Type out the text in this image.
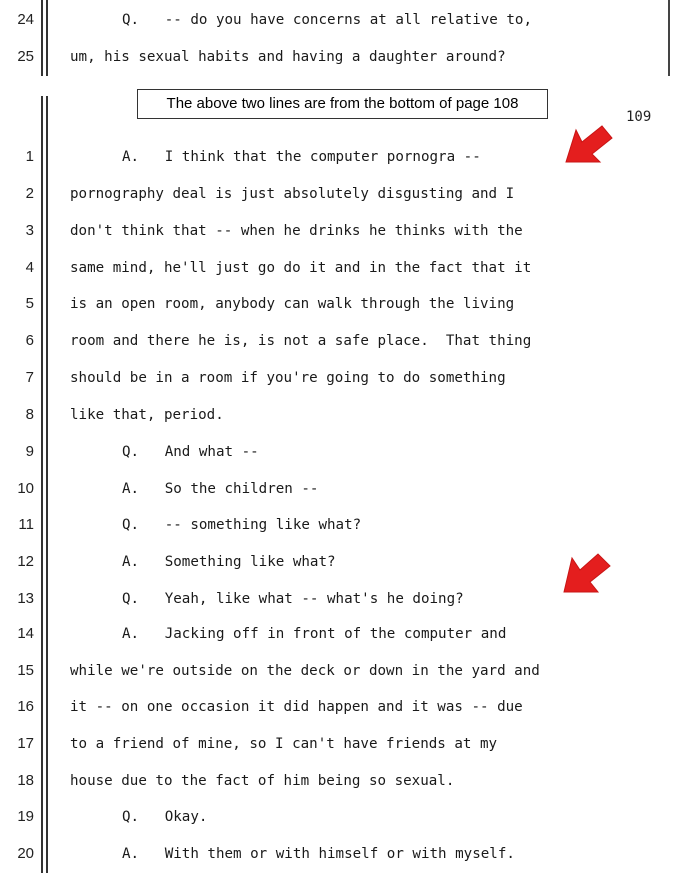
24	Q.   -- do you have concerns at all relative to,
25	um, his sexual habits and having a daughter around?
The above two lines are from the bottom of page 108
109
1	A.   I think that the computer pornogra --
2	pornography deal is just absolutely disgusting and I
3	don't think that -- when he drinks he thinks with the
4	same mind, he'll just go do it and in the fact that it
5	is an open room, anybody can walk through the living
6	room and there he is, is not a safe place.  That thing
7	should be in a room if you're going to do something
8	like that, period.
9	Q.   And what --
10	A.   So the children --
11	Q.   -- something like what?
12	A.   Something like what?
13	Q.   Yeah, like what -- what's he doing?
14	A.   Jacking off in front of the computer and
15	while we're outside on the deck or down in the yard and
16	it -- on one occasion it did happen and it was -- due
17	to a friend of mine, so I can't have friends at my
18	house due to the fact of him being so sexual.
19	Q.   Okay.
20	A.   With them or with himself or with myself.
